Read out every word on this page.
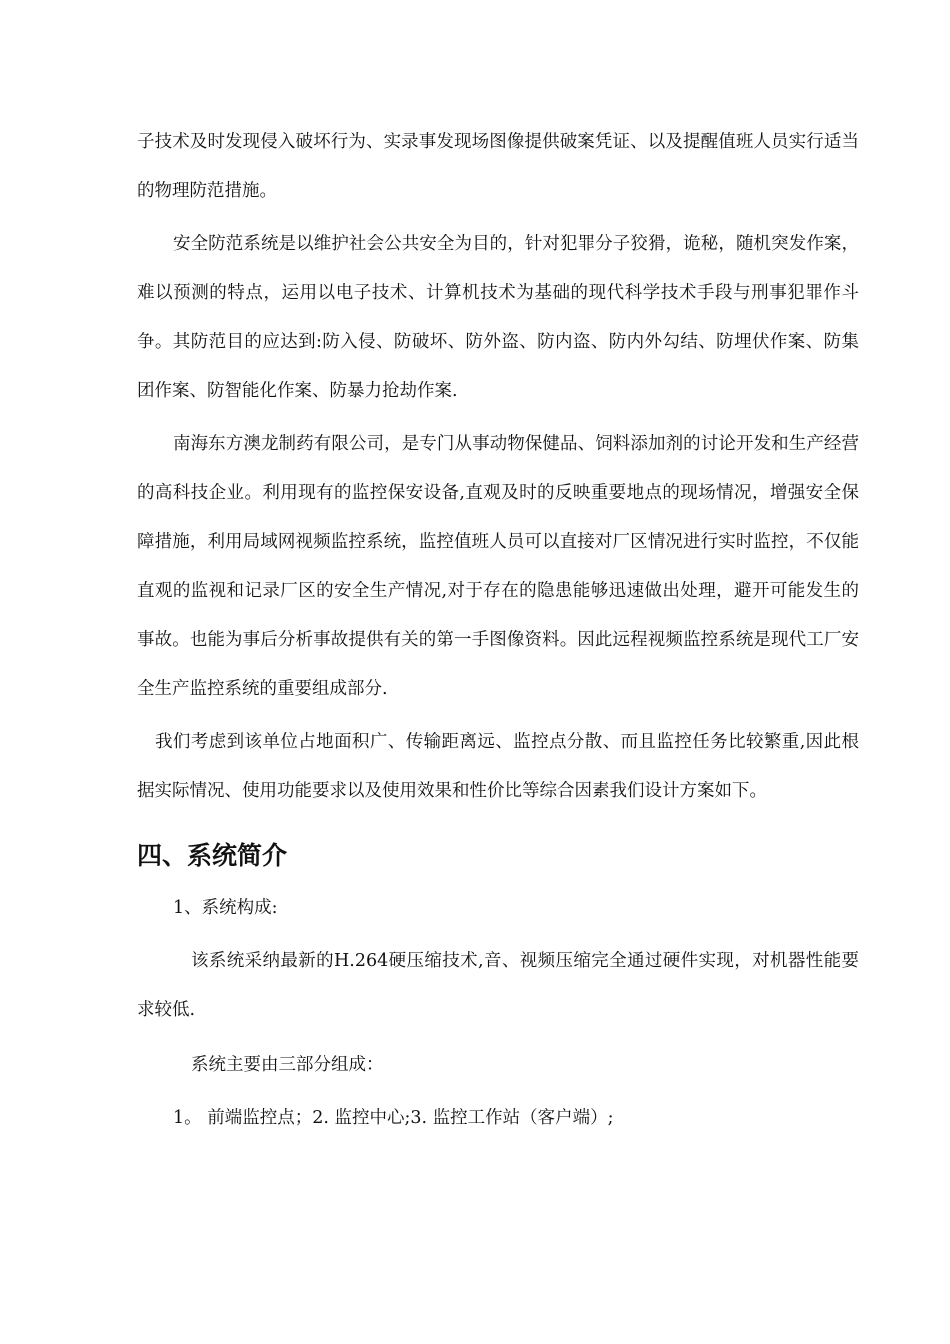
子技术及时发现侵入破坏行为、实录事发现场图像提供破案凭证、以及提醒值班人员实行适当的物理防范措施。

安全防范系统是以维护社会公共安全为目的，针对犯罪分子狡猾，诡秘，随机突发作案，难以预测的特点，运用以电子技术、计算机技术为基础的现代科学技术手段与刑事犯罪作斗争。其防范目的应达到:防入侵、防破坏、防外盗、防内盗、防内外勾结、防埋伏作案、防集团作案、防智能化作案、防暴力抢劫作案.

南海东方澳龙制药有限公司，是专门从事动物保健品、饲料添加剂的讨论开发和生产经营的高科技企业。利用现有的监控保安设备,直观及时的反映重要地点的现场情况，增强安全保障措施，利用局域网视频监控系统，监控值班人员可以直接对厂区情况进行实时监控，不仅能直观的监视和记录厂区的安全生产情况,对于存在的隐患能够迅速做出处理，避开可能发生的事故。也能为事后分析事故提供有关的第一手图像资料。因此远程视频监控系统是现代工厂安全生产监控系统的重要组成部分.

我们考虑到该单位占地面积广、传输距离远、监控点分散、而且监控任务比较繁重,因此根据实际情况、使用功能要求以及使用效果和性价比等综合因素我们设计方案如下。

四、系统简介

1、系统构成:

该系统采纳最新的H.264硬压缩技术,音、视频压缩完全通过硬件实现，对机器性能要求较低.

系统主要由三部分组成：

1。 前端监控点；2. 监控中心;3. 监控工作站（客户端）;
